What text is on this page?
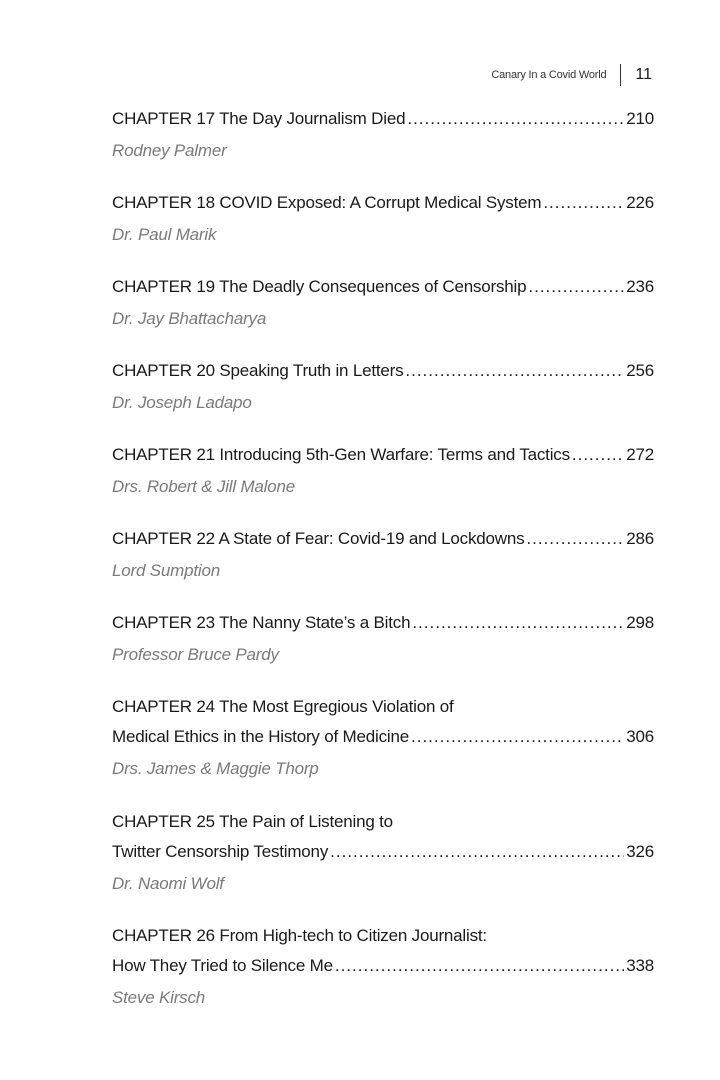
Canary In a Covid World 11
CHAPTER 17 The Day Journalism Died .....	210
Rodney Palmer
CHAPTER 18 COVID Exposed: A Corrupt Medical System .....	226
Dr. Paul Marik
CHAPTER 19 The Deadly Consequences of Censorship .....	236
Dr. Jay Bhattacharya
CHAPTER 20 Speaking Truth in Letters .....	256
Dr. Joseph Ladapo
CHAPTER 21 Introducing 5th-Gen Warfare: Terms and Tactics .....	272
Drs. Robert & Jill Malone
CHAPTER 22 A State of Fear: Covid-19 and Lockdowns .....	286
Lord Sumption
CHAPTER 23 The Nanny State’s a Bitch .....	298
Professor Bruce Pardy
CHAPTER 24 The Most Egregious Violation of
Medical Ethics in the History of Medicine .....	306
Drs. James & Maggie Thorp
CHAPTER 25 The Pain of Listening to
Twitter Censorship Testimony .....	326
Dr. Naomi Wolf
CHAPTER 26 From High-tech to Citizen Journalist:
How They Tried to Silence Me .....	338
Steve Kirsch
